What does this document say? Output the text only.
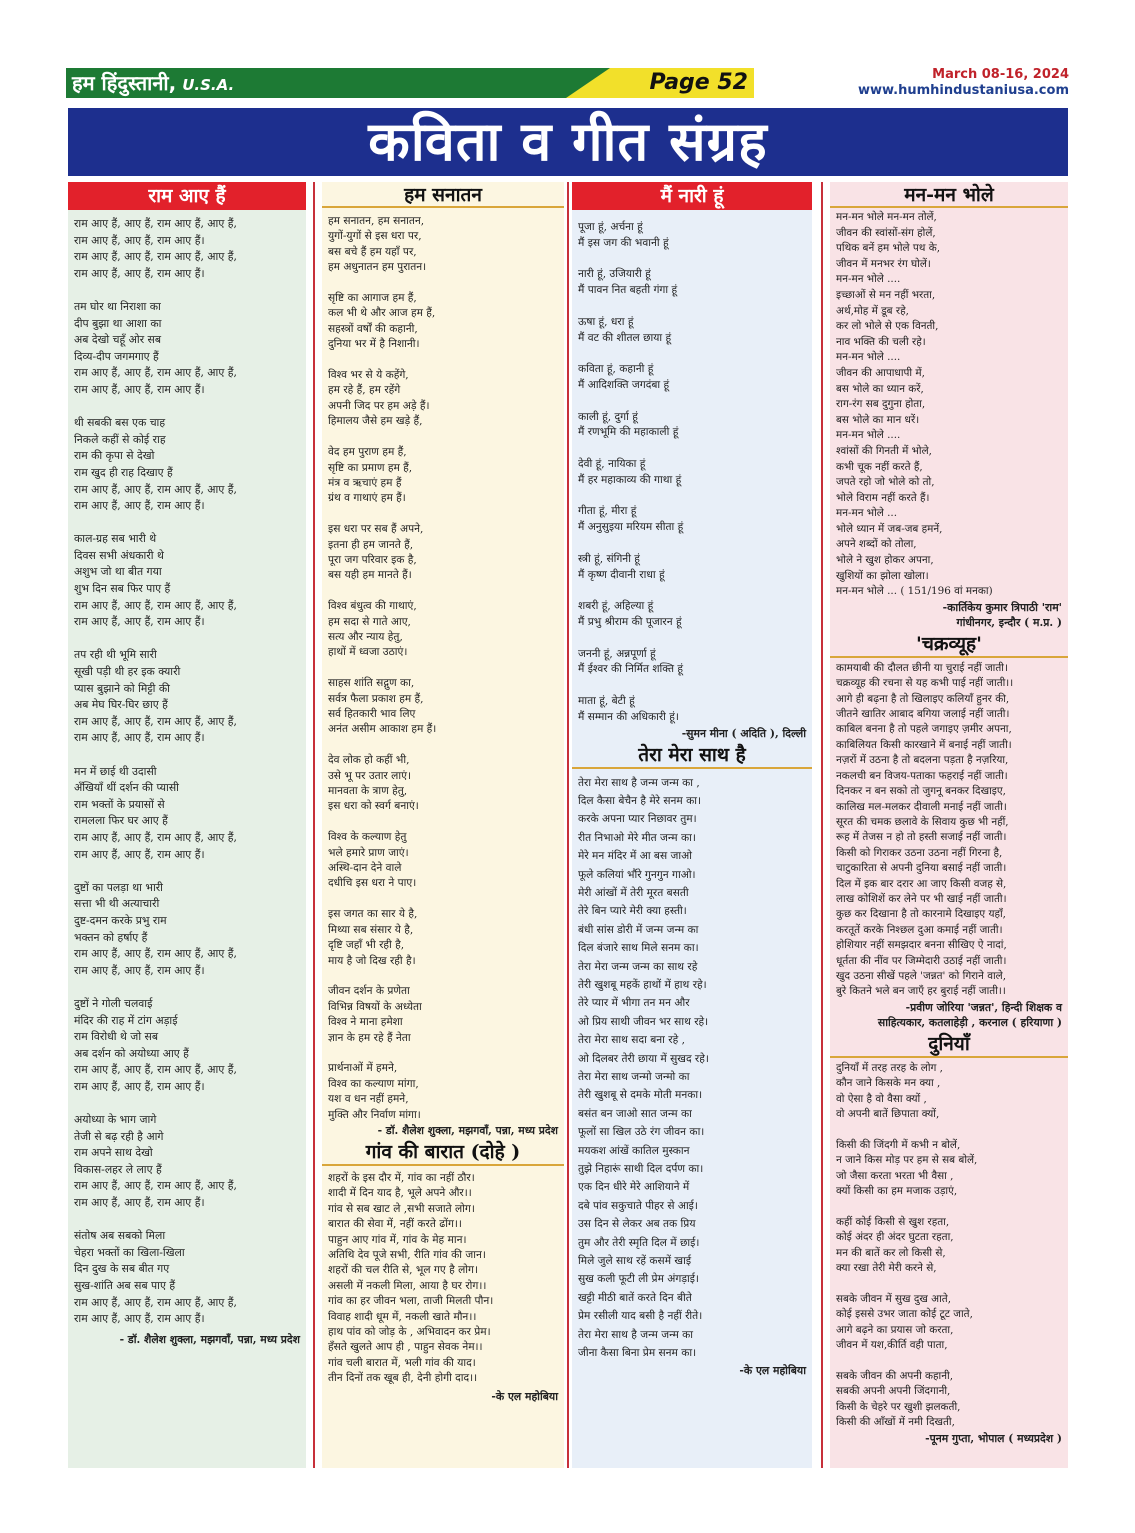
हम हिंदुस्तानी, U.S.A.	Page 52	March 08-16, 2024
www.humhindustaniusa.com
कविता व गीत संग्रह
राम आए हैं
राम आए हैं, आए हैं, राम आए हैं, आए हैं,
राम आए हैं, आए हैं, राम आए हैं।
राम आए हैं, आए हैं, राम आए हैं, आए हैं,
राम आए हैं, आए हैं, राम आए हैं।

तम घोर था निराशा का
दीप बुझा था आशा का
अब देखो चहूँ ओर सब
दिव्य-दीप जगमगाए हैं
राम आए हैं, आए हैं, राम आए हैं, आए हैं,
राम आए हैं, आए हैं, राम आए हैं।

थी सबकी बस एक चाह
निकले कहीं से कोई राह
राम की कृपा से देखो
राम खुद ही राह दिखाए हैं
राम आए हैं, आए हैं, राम आए हैं, आए हैं,
राम आए हैं, आए हैं, राम आए हैं।

काल-ग्रह सब भारी थे
दिवस सभी अंधकारी थे
अशुभ जो था बीत गया
शुभ दिन सब फिर पाए हैं
राम आए हैं, आए हैं, राम आए हैं, आए हैं,
राम आए हैं, आए हैं, राम आए हैं।

तप रही थी भूमि सारी
सूखी पड़ी थी हर इक क्यारी
प्यास बुझाने को मिट्टी की
अब मेघ घिर-घिर छाए हैं
राम आए हैं, आए हैं, राम आए हैं, आए हैं,
राम आए हैं, आए हैं, राम आए हैं।

मन में छाई थी उदासी
अँखियाँ थीं दर्शन की प्यासी
राम भक्तों के प्रयासों से
रामलला फिर घर आए हैं
राम आए हैं, आए हैं, राम आए हैं, आए हैं,
राम आए हैं, आए हैं, राम आए हैं।

दुष्टों का पलड़ा था भारी
सत्ता भी थी अत्याचारी
दुष्ट-दमन करके प्रभु राम
भक्तन को हर्षाए हैं
राम आए हैं, आए हैं, राम आए हैं, आए हैं,
राम आए हैं, आए हैं, राम आए हैं।

दुष्टों ने गोली चलवाई
मंदिर की राह में टांग अड़ाई
राम विरोधी थे जो सब
अब दर्शन को अयोध्या आए हैं
राम आए हैं, आए हैं, राम आए हैं, आए हैं,
राम आए हैं, आए हैं, राम आए हैं।

अयोध्या के भाग जागे
तेजी से बढ़ रही है आगे
राम अपने साथ देखो
विकास-लहर ले लाए हैं
राम आए हैं, आए हैं, राम आए हैं, आए हैं,
राम आए हैं, आए हैं, राम आए हैं।

संतोष अब सबको मिला
चेहरा भक्तों का खिला-खिला
दिन दुख के सब बीत गए
सुख-शांति अब सब पाए हैं
राम आए हैं, आए हैं, राम आए हैं, आए हैं,
राम आए हैं, आए हैं, राम आए हैं।
- डॉ. शैलेश शुक्ला, मझगवाँ, पन्ना, मध्य प्रदेश
हम सनातन
हम सनातन, हम सनातन,
युगों-युगों से इस धरा पर,
बस बचे हैं हम यहाँ पर,
हम अधुनातन हम पुरातन।

सृष्टि का आगाज हम हैं,
कल भी थे और आज हम हैं,
सहस्त्रों वर्षों की कहानी,
दुनिया भर में है निशानी।

विश्व भर से ये कहेंगे,
हम रहे हैं, हम रहेंगे
अपनी जिद पर हम अड़े हैं।
हिमालय जैसे हम खड़े हैं,

वेद हम पुराण हम हैं,
सृष्टि का प्रमाण हम हैं,
मंत्र व ऋचाएं हम हैं
ग्रंथ व गाथाएं हम हैं।

इस धरा पर सब हैं अपने,
इतना ही हम जानते हैं,
पूरा जग परिवार इक है,
बस यही हम मानते हैं।

विश्व बंधुत्व की गाथाएं,
हम सदा से गाते आए,
सत्य और न्याय हेतु,
हाथों में ध्वजा उठाएं।

साहस शांति सद्गुण का,
सर्वत्र फैला प्रकाश हम हैं,
सर्व हितकारी भाव लिए
अनंत असीम आकाश हम हैं।

देव लोक हो कहीं भी,
उसे भू पर उतार लाएं।
मानवता के त्राण हेतु,
इस धरा को स्वर्ग बनाएं।

विश्व के कल्याण हेतु
भले हमारे प्राण जाएं।
अस्थि-दान देने वाले
दधीचि इस धरा ने पाए।

इस जगत का सार ये है,
मिथ्या सब संसार ये है,
दृष्टि जहाँ भी रही है,
माय है जो दिख रही है।

जीवन दर्शन के प्रणेता
विभिन्न विषयों के अध्येता
विश्व ने माना हमेशा
ज्ञान के हम रहे हैं नेता

प्रार्थनाओं में हमने,
विश्व का कल्याण मांगा,
यश व धन नहीं हमने,
मुक्ति और निर्वाण मांगा।
- डॉ. शैलेश शुक्ला, मझगवाँ, पन्ना, मध्य प्रदेश
गांव की बारात (दोहे )
शहरों के इस दौर में, गांव का नहीं ठौर।
शादी में दिन याद है, भूले अपने और।।
गांव से सब खाट ले ,सभी सजाते लोग।
बारात की सेवा में, नहीं करते ढोंग।।
पाहुन आए गांव में, गांव के मेह मान।
अतिथि देव पूजे सभी, रीति गांव की जान।
शहरों की चल रीति से, भूल गए है लोग।
असली में नकली मिला, आया है घर रोग।।
गांव का हर जीवन भला, ताजी मिलती पौन।
विवाह शादी धूम में, नकली खाते मौन।।
हाथ पांव को जोड़ के , अभिवादन कर प्रेम।
हँसते खुलते आप ही , पाहुन सेवक नेम।।
गांव चली बारात में, भली गांव की याद।
तीन दिनों तक खूब ही, देनी होगी दाद।।
-के एल महोबिया
मैं नारी हूं
पूजा हूं, अर्चना हूं
मैं इस जग की भवानी हूं

नारी हूं, उजियारी हूं
मैं पावन नित बहती गंगा हूं

ऊषा हूं, धरा हूं
मैं वट की शीतल छाया हूं

कविता हूं, कहानी हूं
मैं आदिशक्ति जगदंबा हूं

काली हूं, दुर्गा हूं
मैं रणभूमि की महाकाली हूं

देवी हूं, नायिका हूं
मैं हर महाकाव्य की गाथा हूं

गीता हूं, मीरा हूं
मैं अनुसुइया मरियम सीता हूं

स्त्री हूं, संगिनी हूं
मैं कृष्ण दीवानी राधा हूं

शबरी हूं, अहिल्या हूं
मैं प्रभु श्रीराम की पूजारन हूं

जननी हूं, अन्नपूर्णा हूं
मैं ईश्वर की निर्मित शक्ति हूं

माता हूं, बेटी हूं
मैं सम्मान की अधिकारी हूं।
-सुमन मीना ( अदिति ), दिल्ली
तेरा मेरा साथ है
तेरा मेरा साथ है जन्म जन्म का ,
दिल कैसा बेचैन है मेरे सनम का।
करके अपना प्यार निछावर तुम।
रीत निभाओ मेरे मीत जन्म का।
मेरे मन मंदिर में आ बस जाओ
फूले कलियां भौंरे गुनगुन गाओ।
मेरी आंखों में तेरी मूरत बसती
तेरे बिन प्यारे मेरी क्या हस्ती।
बंधी सांस डोरी में जन्म जन्म का
दिल बंजारे साथ मिले सनम का।
तेरा मेरा जन्म जन्म का साथ रहे
तेरी खुशबू महकें हाथों में हाथ रहे।
तेरे प्यार में भीगा तन मन और
ओ प्रिय साथी जीवन भर साथ रहे।
तेरा मेरा साथ सदा बना रहे ,
ओ दिलबर तेरी छाया में सुखद रहे।
तेरा मेरा साथ जन्मो जन्मो का
तेरी खुशबू से दमके मोती मनका।
बसंत बन जाओ सात जन्म का
फूलों सा खिल उठे रंग जीवन का।
मयकश आंखें कातिल मुस्कान
तुझे निहारूं साथी दिल दर्पण का।
एक दिन धीरे मेरे आशियाने में
दबे पांव सकुचाते पीहर से आई।
उस दिन से लेकर अब तक प्रिय
तुम और तेरी स्मृति दिल में छाई।
मिले जुले साथ रहें कसमें खाई
सुख कली फूटी ली प्रेम अंगड़ाई।
खट्टी मीठी बातें करते दिन बीते
प्रेम रसीली याद बसी है नहीं रीते।
तेरा मेरा साथ है जन्म जन्म का
जीना कैसा बिना प्रेम सनम का।
-के एल महोबिया
मन-मन भोले
मन-मन भोले मन-मन तोलें,
जीवन की स्वांसों-संग होलें,
पथिक बनें हम भोले पथ के,
जीवन में मनभर रंग घोलें।
मन-मन भोले ....
इच्छाओं से मन नहीं भरता,
अर्थ,मोह में डूब रहे,
कर लो भोले से एक विनती,
नाव भक्ति की चली रहे।
मन-मन भोले ....
जीवन की आपाधापी में,
बस भोले का ध्यान करें,
राग-रंग सब दुगुना होता,
बस भोले का मान धरें।
मन-मन भोले ....
श्वांसों की गिनती में भोले,
कभी चूक नहीं करते हैं,
जपते रहो जो भोले को तो,
भोले विराम नहीं करते हैं।
मन-मन भोले ...
भोले ध्यान में जब-जब हमनें,
अपने शब्दों को तोला,
भोले ने खुश होकर अपना,
खुशियों का झोला खोला।
मन-मन भोले ... ( 151/196 वां मनका)
-कार्तिकेय कुमार त्रिपाठी 'राम'
गांधीनगर, इन्दौर ( म.प्र. )
'चक्रव्यूह'
कामयाबी की दौलत छीनी या चुराई नहीं जाती।
चक्रव्यूह की रचना से यह कभी पाई नहीं जाती।।
आगे ही बढ़ना है तो खिलाइए कलियाँ हुनर की,
जीतने खातिर आबाद बगिया जलाई नहीं जाती।
काबिल बनना है तो पहले जगाइए ज़मीर अपना,
काबिलियत किसी कारखाने में बनाई नहीं जाती।
नज़रों में उठना है तो बदलना पड़ता है नज़रिया,
नकलची बन विजय-पताका फहराई नहीं जाती।
दिनकर न बन सको तो जुगनू बनकर दिखाइए,
कालिख मल-मलकर दीवाली मनाई नहीं जाती।
सूरत की चमक छलावे के सिवाय कुछ भी नहीं,
रूह में तेजस न हो तो हस्ती सजाई नहीं जाती।
किसी को गिराकर उठना उठना नहीं गिरना है,
चाटुकारिता से अपनी दुनिया बसाई नहीं जाती।
दिल में इक बार दरार आ जाए किसी वजह से,
लाख कोशिशें कर लेने पर भी खाई नहीं जाती।
कुछ कर दिखाना है तो कारनामे दिखाइए यहाँ,
करतूतें करके निश्छल दुआ कमाई नहीं जाती।
होशियार नहीं समझदार बनना सीखिए ऐ नादां,
धूर्तता की नींव पर जिम्मेदारी उठाई नहीं जाती।
खुद उठना सीखें पहले 'जन्नत' को गिराने वाले,
बुरे कितने भले बन जाएँ हर बुराई नहीं जाती।।
-प्रवीण जोरिया 'जन्नत', हिन्दी शिक्षक व
साहित्यकार, कतलाहेड़ी , करनाल ( हरियाणा )
दुनियाँ
दुनियाँ में तरह तरह के लोग ,
कौन जाने किसके मन क्या ,
वो ऐसा है वो वैसा क्यों ,
वो अपनी बातें छिपाता क्यों,

किसी की जिंदगी में कभी न बोलें,
न जाने किस मोड़ पर हम से सब बोलें,
जो जैसा करता भरता भी वैसा ,
क्यों किसी का हम मजाक उड़ाएं,

कहीं कोई किसी से खुश रहता,
कोई अंदर ही अंदर घुटता रहता,
मन की बातें कर लो किसी से,
क्या रखा तेरी मेरी करने से,

सबके जीवन में सुख दुख आते,
कोई इससे उभर जाता कोई टूट जाते,
आगे बढ़ने का प्रयास जो करता,
जीवन में यश,कीर्ति वही पाता,

सबके जीवन की अपनी कहानी,
सबकी अपनी अपनी जिंदगानी,
किसी के चेहरे पर खुशी झलकती,
किसी की आँखों में नमी दिखती,
-पूनम गुप्ता, भोपाल ( मध्यप्रदेश )
